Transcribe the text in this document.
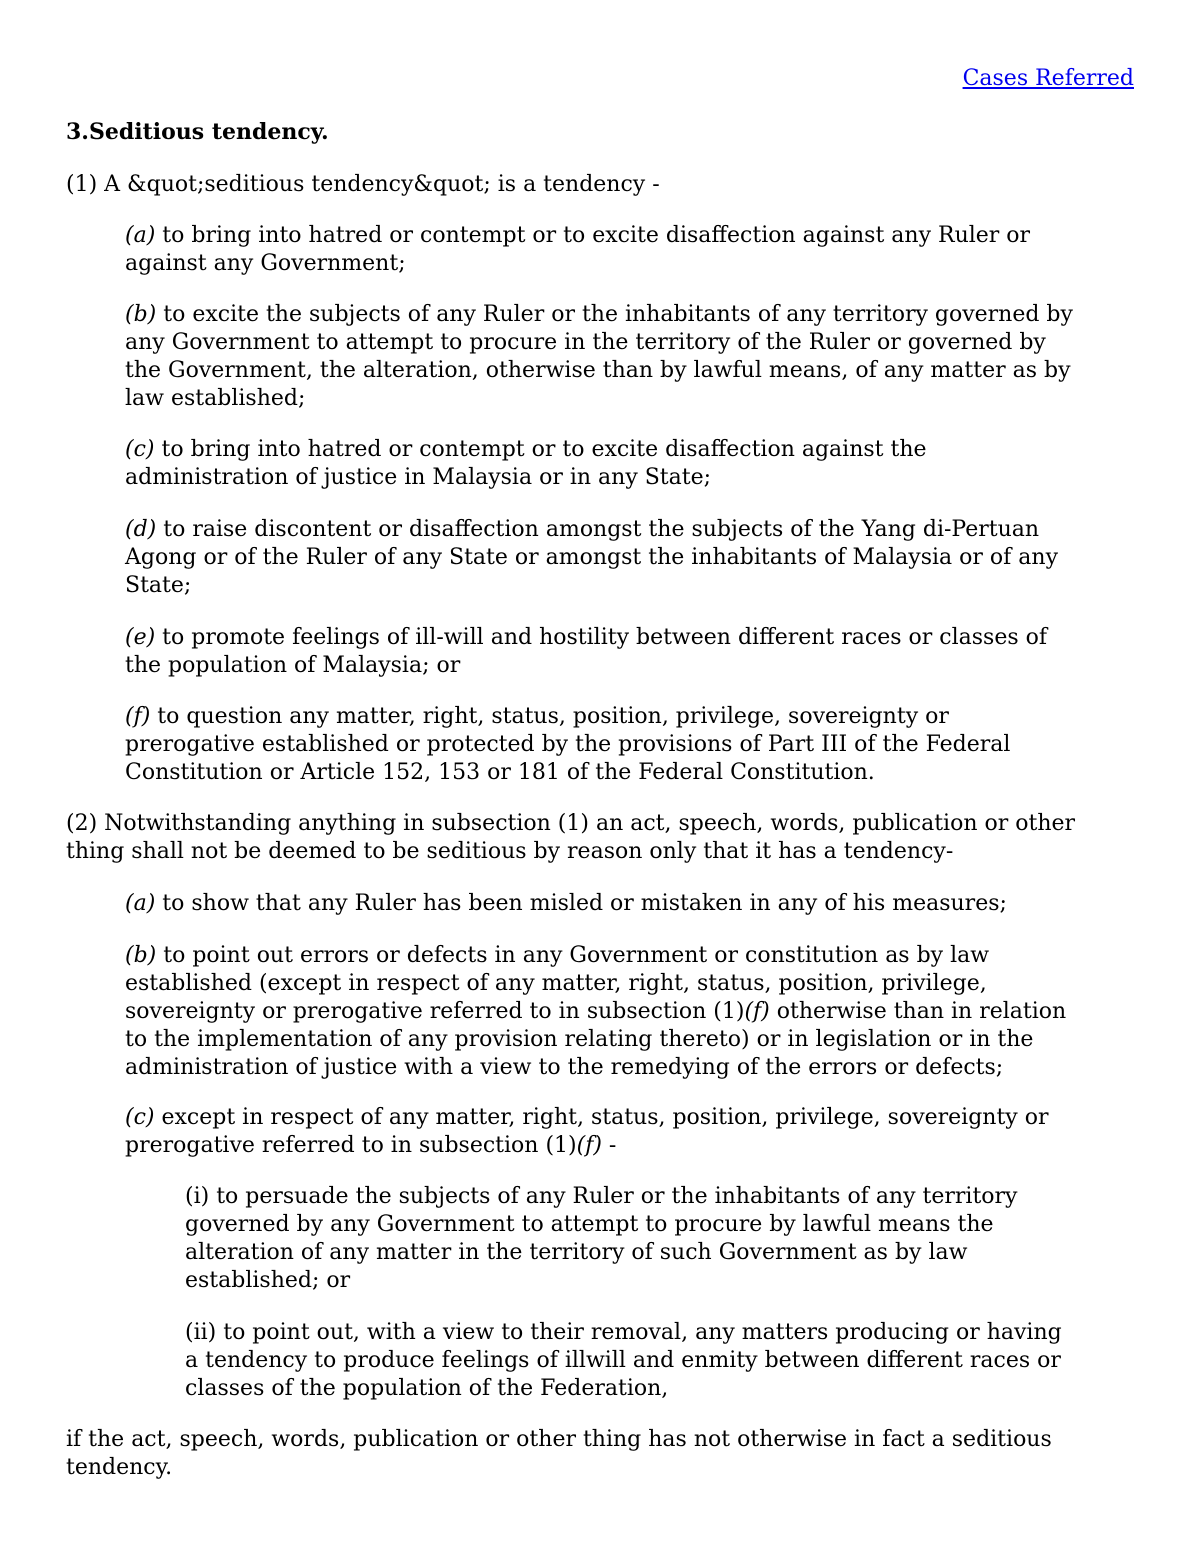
Cases Referred

3.Seditious tendency.

(1) A &quot;seditious tendency&quot; is a tendency -

(a) to bring into hatred or contempt or to excite disaffection against any Ruler or against any Government;

(b) to excite the subjects of any Ruler or the inhabitants of any territory governed by any Government to attempt to procure in the territory of the Ruler or governed by the Government, the alteration, otherwise than by lawful means, of any matter as by law established;

(c) to bring into hatred or contempt or to excite disaffection against the administration of justice in Malaysia or in any State;

(d) to raise discontent or disaffection amongst the subjects of the Yang di-Pertuan Agong or of the Ruler of any State or amongst the inhabitants of Malaysia or of any State;

(e) to promote feelings of ill-will and hostility between different races or classes of the population of Malaysia; or

(f) to question any matter, right, status, position, privilege, sovereignty or prerogative established or protected by the provisions of Part III of the Federal Constitution or Article 152, 153 or 181 of the Federal Constitution.

(2) Notwithstanding anything in subsection (1) an act, speech, words, publication or other thing shall not be deemed to be seditious by reason only that it has a tendency-

(a) to show that any Ruler has been misled or mistaken in any of his measures;

(b) to point out errors or defects in any Government or constitution as by law established (except in respect of any matter, right, status, position, privilege, sovereignty or prerogative referred to in subsection (1)(f) otherwise than in relation to the implementation of any provision relating thereto) or in legislation or in the administration of justice with a view to the remedying of the errors or defects;

(c) except in respect of any matter, right, status, position, privilege, sovereignty or prerogative referred to in subsection (1)(f) -

(i) to persuade the subjects of any Ruler or the inhabitants of any territory governed by any Government to attempt to procure by lawful means the alteration of any matter in the territory of such Government as by law established; or

(ii) to point out, with a view to their removal, any matters producing or having a tendency to produce feelings of illwill and enmity between different races or classes of the population of the Federation,

if the act, speech, words, publication or other thing has not otherwise in fact a seditious tendency.
